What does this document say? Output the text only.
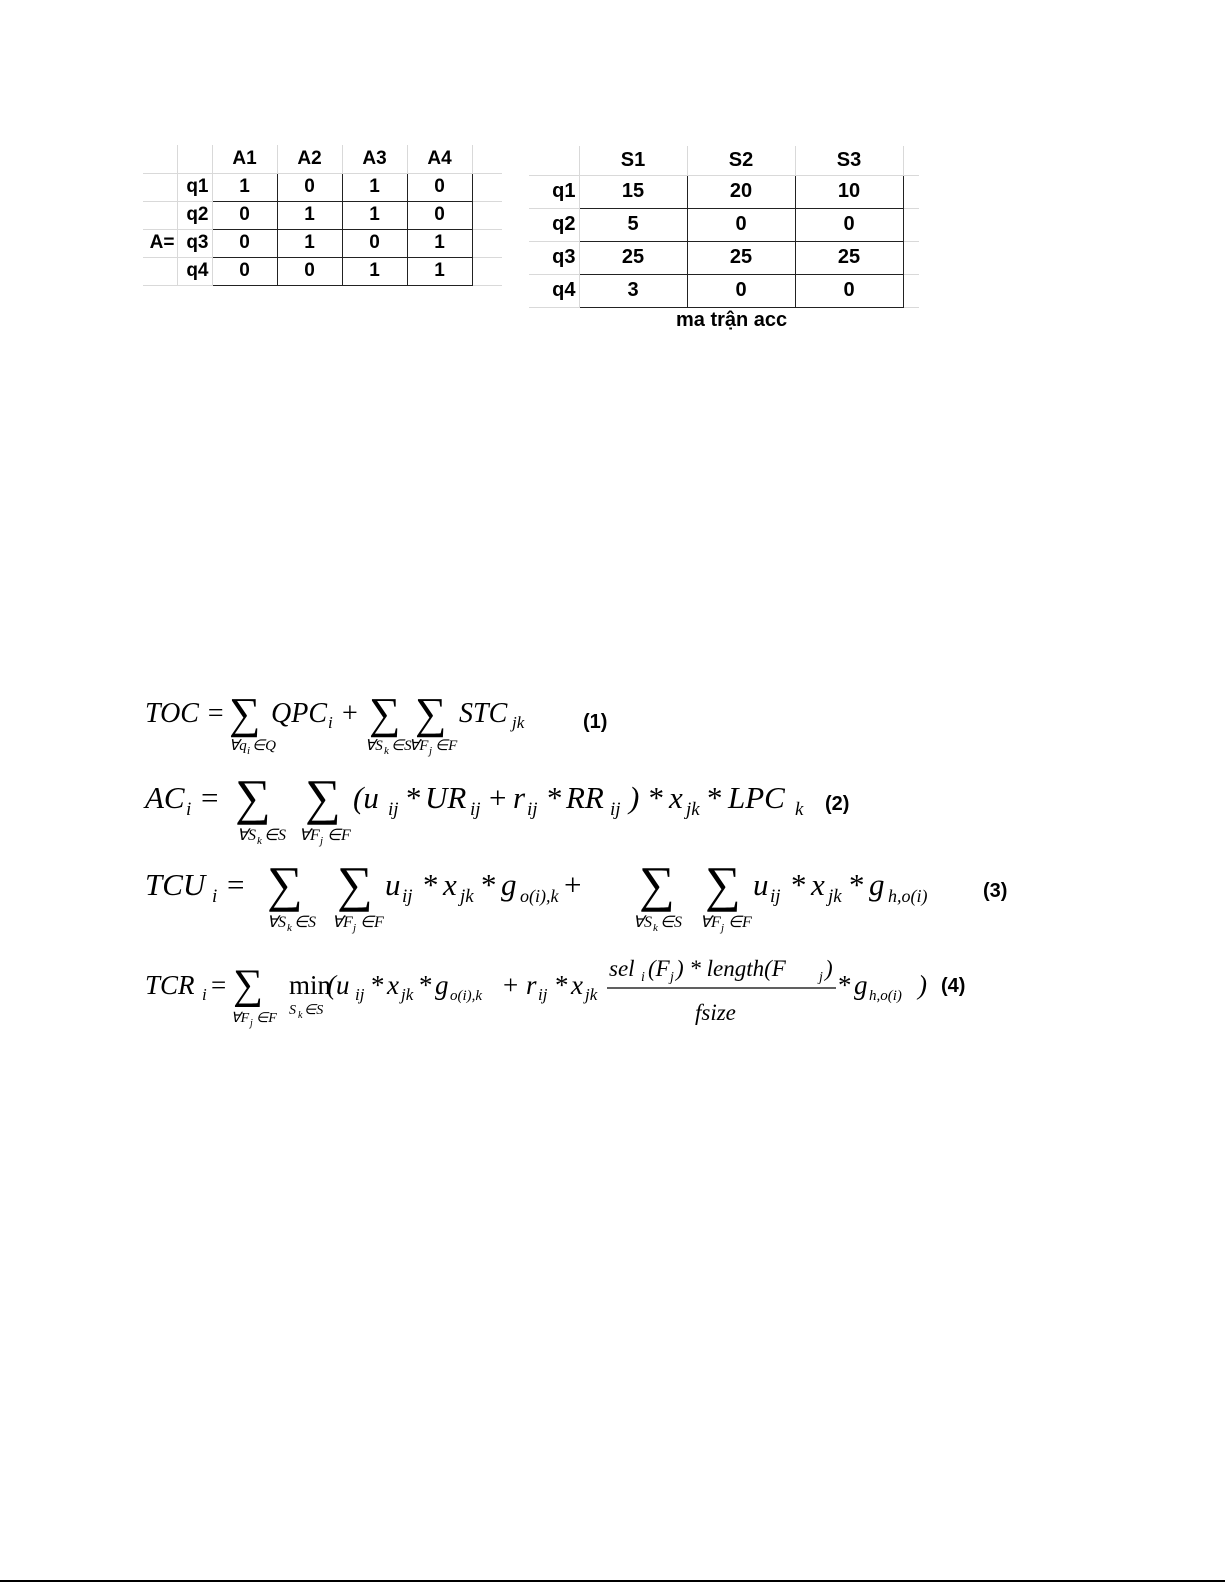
		A1	A2	A3	A4	
	q1	1	0	1	0	
	q2	0	1	1	0	
A=	q3	0	1	0	1	
	q4	0	0	1	1	
	S1	S2	S3	
q1	15	20	10	
q2	5	0	0	
q3	25	25	25	
q4	3	0	0	
ma trận acc
TOC = ∑ QPC i + ∑ ∑ STC jk
∀q i ∈Q	∀S k ∈S
∀F j ∈F
(1)
AC i = ∑ ∑ (u ij * UR ij + r ij * RR ij ) * x jk * LPC k
∀S k ∈S ∀F j ∈F
(2)
TCU i = ∑ ∑ u ij * x jk * g o(i),k + ∑ ∑ u ij * x jk * g h,o(i)
∀S k ∈S ∀F j ∈F	∀S k ∈S ∀F j ∈F
(3)
TCR i = ∑ min
(u ij * x jk * g o(i),k + r ij * x jk
sel i (F j ) * length(F j )
fsize
* g h,o(i) )
∀F j ∈F
S k ∈S
(4)
